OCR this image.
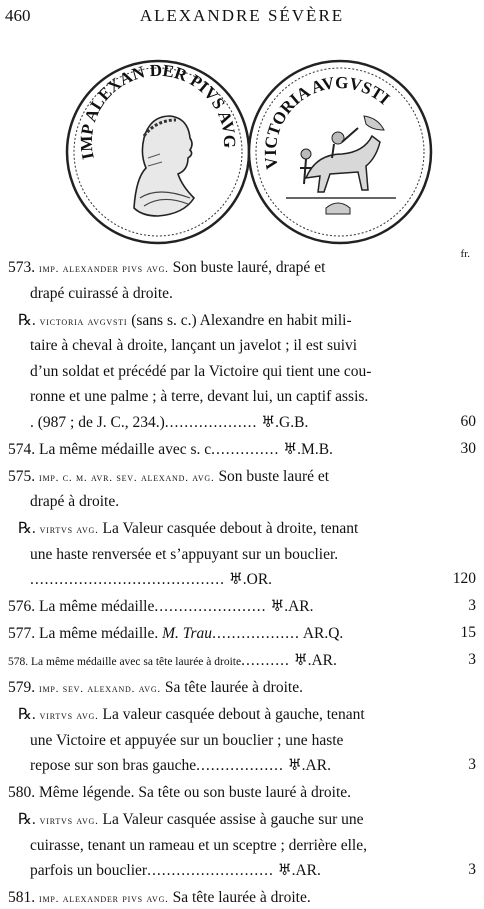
460	ALEXANDRE SÉVÈRE
IMP ALEXAN DER PIVS AVG
VICTORIA AVGVSTI
fr.
573. imp. alexander pivs avg. Son buste lauré, drapé et
drapé cuirassé à droite.
℞. victoria avgvsti (sans s. c.) Alexandre en habit mili-
taire à cheval à droite, lançant un javelot ; il est suivi
d’un soldat et précédé par la Victoire qui tient une cou-
ronne et une palme ; à terre, devant lui, un captif assis.
. (987 ; de J. C., 234.)................... ♅.G.B.	60
574. La même médaille avec s. c.............. ♅.M.B.	30
575. imp. c. m. avr. sev. alexand. avg. Son buste lauré et
drapé à droite.
℞. virtvs avg. La Valeur casquée debout à droite, tenant
une haste renversée et s’appuyant sur un bouclier.
........................................ ♅.OR.	120
576. La même médaille....................... ♅.AR.	3
577. La même médaille. M. Trau.................. AR.Q.	15
578. La même médaille avec sa tête laurée à droite.......... ♅.AR.	3
579. imp. sev. alexand. avg. Sa tête laurée à droite.
℞. virtvs avg. La valeur casquée debout à gauche, tenant
une Victoire et appuyée sur un bouclier ; une haste
repose sur son bras gauche.................. ♅.AR.	3
580. Même légende. Sa tête ou son buste lauré à droite.
℞. virtvs avg. La Valeur casquée assise à gauche sur une
cuirasse, tenant un rameau et un sceptre ; derrière elle,
parfois un bouclier.......................... ♅.AR.	3
581. imp. alexander pivs avg. Sa tête laurée à droite.
